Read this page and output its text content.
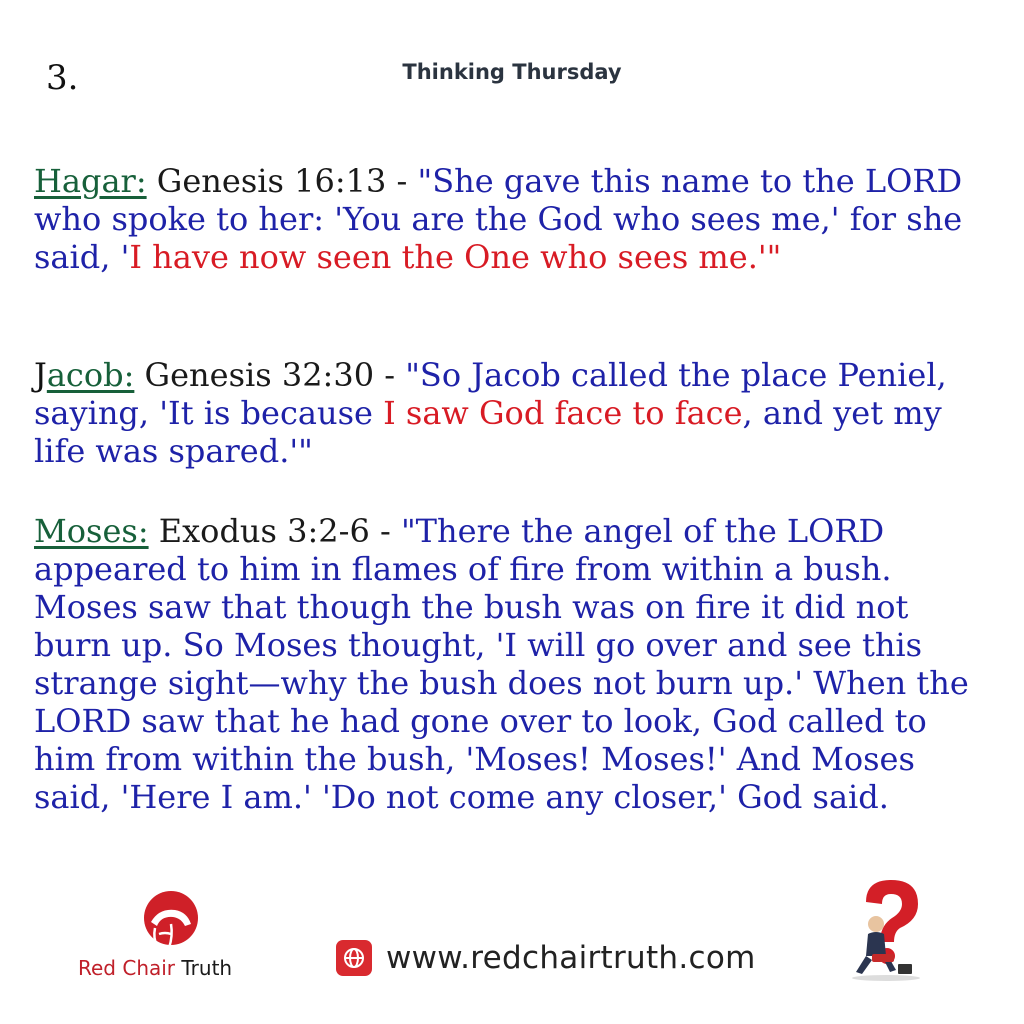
3.	Thinking Thursday

Hagar: Genesis 16:13 - "She gave this name to the LORD who spoke to her: 'You are the God who sees me,' for she said, 'I have now seen the One who sees me.'"

Jacob: Genesis 32:30 - "So Jacob called the place Peniel, saying, 'It is because I saw God face to face, and yet my life was spared.'"

Moses: Exodus 3:2-6 - "There the angel of the LORD appeared to him in flames of fire from within a bush. Moses saw that though the bush was on fire it did not burn up. So Moses thought, 'I will go over and see this strange sight—why the bush does not burn up.' When the LORD saw that he had gone over to look, God called to him from within the bush, 'Moses! Moses!' And Moses said, 'Here I am.' 'Do not come any closer,' God said.

Red Chair Truth	www.redchairtruth.com
